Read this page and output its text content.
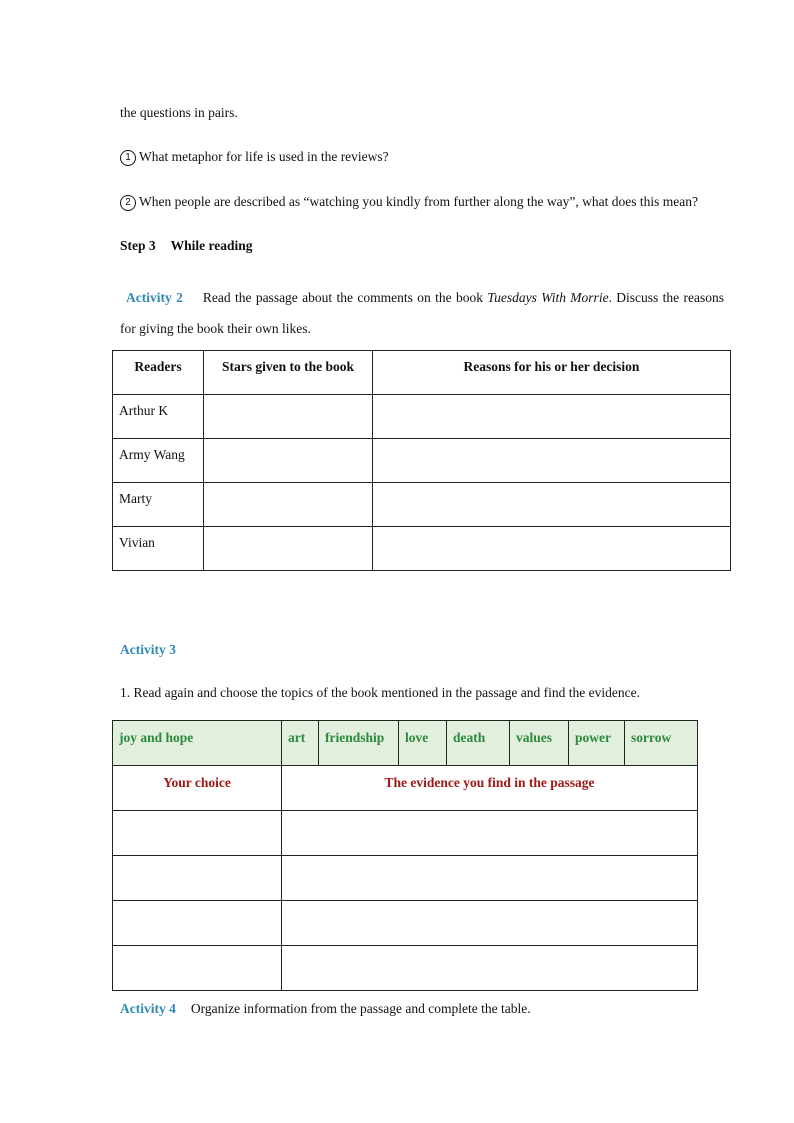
the questions in pairs.
1 What metaphor for life is used in the reviews?
2 When people are described as “watching you kindly from further along the way”, what does this mean?
Step 3 While reading
Activity 2 Read the passage about the comments on the book Tuesdays With Morrie. Discuss the reasons for giving the book their own likes.
Readers	Stars given to the book	Reasons for his or her decision
Arthur K		
Army Wang		
Marty		
Vivian		
Activity 3
1. Read again and choose the topics of the book mentioned in the passage and find the evidence.
joy and hope	art	friendship	love	death	values	power	sorrow
Your choice	The evidence you find in the passage						

Activity 4 Organize information from the passage and complete the table.
